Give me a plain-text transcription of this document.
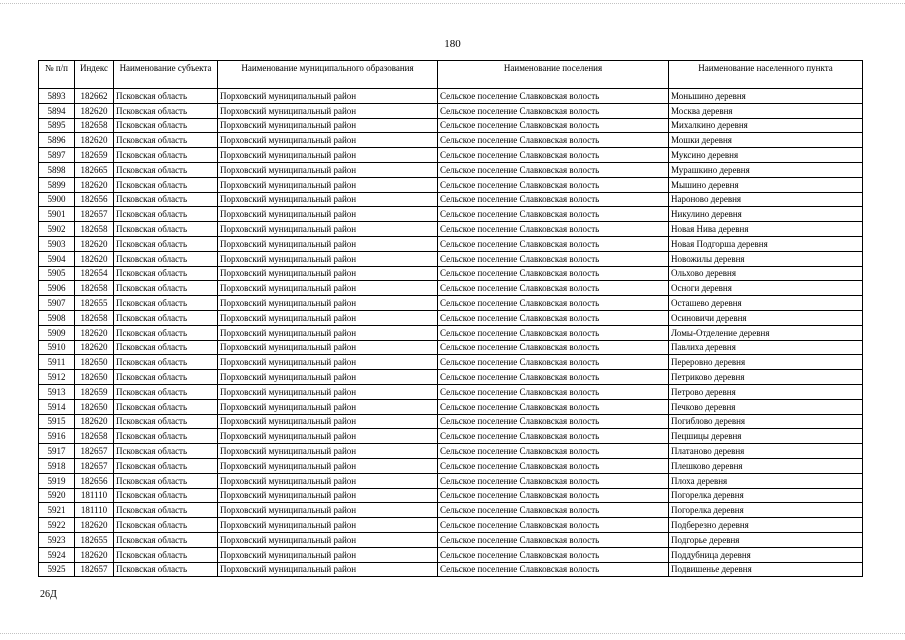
180
№ п/п	Индекс	Наименование субъекта	Наименование муниципального образования	Наименование поселения	Наименование населенного пункта
5893	182662	Псковская область	Порховский муниципальный район	Сельское поселение Славковская волость	Моньшино деревня
5894	182620	Псковская область	Порховский муниципальный район	Сельское поселение Славковская волость	Москва деревня
5895	182658	Псковская область	Порховский муниципальный район	Сельское поселение Славковская волость	Михалкино деревня
5896	182620	Псковская область	Порховский муниципальный район	Сельское поселение Славковская волость	Мошки деревня
5897	182659	Псковская область	Порховский муниципальный район	Сельское поселение Славковская волость	Муксино деревня
5898	182665	Псковская область	Порховский муниципальный район	Сельское поселение Славковская волость	Мурашкино деревня
5899	182620	Псковская область	Порховский муниципальный район	Сельское поселение Славковская волость	Мышино деревня
5900	182656	Псковская область	Порховский муниципальный район	Сельское поселение Славковская волость	Нароново деревня
5901	182657	Псковская область	Порховский муниципальный район	Сельское поселение Славковская волость	Никулино деревня
5902	182658	Псковская область	Порховский муниципальный район	Сельское поселение Славковская волость	Новая Нива деревня
5903	182620	Псковская область	Порховский муниципальный район	Сельское поселение Славковская волость	Новая Подгорша деревня
5904	182620	Псковская область	Порховский муниципальный район	Сельское поселение Славковская волость	Новожилы деревня
5905	182654	Псковская область	Порховский муниципальный район	Сельское поселение Славковская волость	Ольхово деревня
5906	182658	Псковская область	Порховский муниципальный район	Сельское поселение Славковская волость	Осноги деревня
5907	182655	Псковская область	Порховский муниципальный район	Сельское поселение Славковская волость	Осташево деревня
5908	182658	Псковская область	Порховский муниципальный район	Сельское поселение Славковская волость	Осиновичи деревня
5909	182620	Псковская область	Порховский муниципальный район	Сельское поселение Славковская волость	Ломы-Отделение деревня
5910	182620	Псковская область	Порховский муниципальный район	Сельское поселение Славковская волость	Павлиха деревня
5911	182650	Псковская область	Порховский муниципальный район	Сельское поселение Славковская волость	Переровно деревня
5912	182650	Псковская область	Порховский муниципальный район	Сельское поселение Славковская волость	Петриково деревня
5913	182659	Псковская область	Порховский муниципальный район	Сельское поселение Славковская волость	Петрово деревня
5914	182650	Псковская область	Порховский муниципальный район	Сельское поселение Славковская волость	Печково деревня
5915	182620	Псковская область	Порховский муниципальный район	Сельское поселение Славковская волость	Погиблово деревня
5916	182658	Псковская область	Порховский муниципальный район	Сельское поселение Славковская волость	Пецшицы деревня
5917	182657	Псковская область	Порховский муниципальный район	Сельское поселение Славковская волость	Платаново деревня
5918	182657	Псковская область	Порховский муниципальный район	Сельское поселение Славковская волость	Плешково деревня
5919	182656	Псковская область	Порховский муниципальный район	Сельское поселение Славковская волость	Плоха деревня
5920	181110	Псковская область	Порховский муниципальный район	Сельское поселение Славковская волость	Погорелка деревня
5921	181110	Псковская область	Порховский муниципальный район	Сельское поселение Славковская волость	Погорелка деревня
5922	182620	Псковская область	Порховский муниципальный район	Сельское поселение Славковская волость	Подберезно деревня
5923	182655	Псковская область	Порховский муниципальный район	Сельское поселение Славковская волость	Подгорье деревня
5924	182620	Псковская область	Порховский муниципальный район	Сельское поселение Славковская волость	Поддубница деревня
5925	182657	Псковская область	Порховский муниципальный район	Сельское поселение Славковская волость	Подвишенье деревня
26Д
